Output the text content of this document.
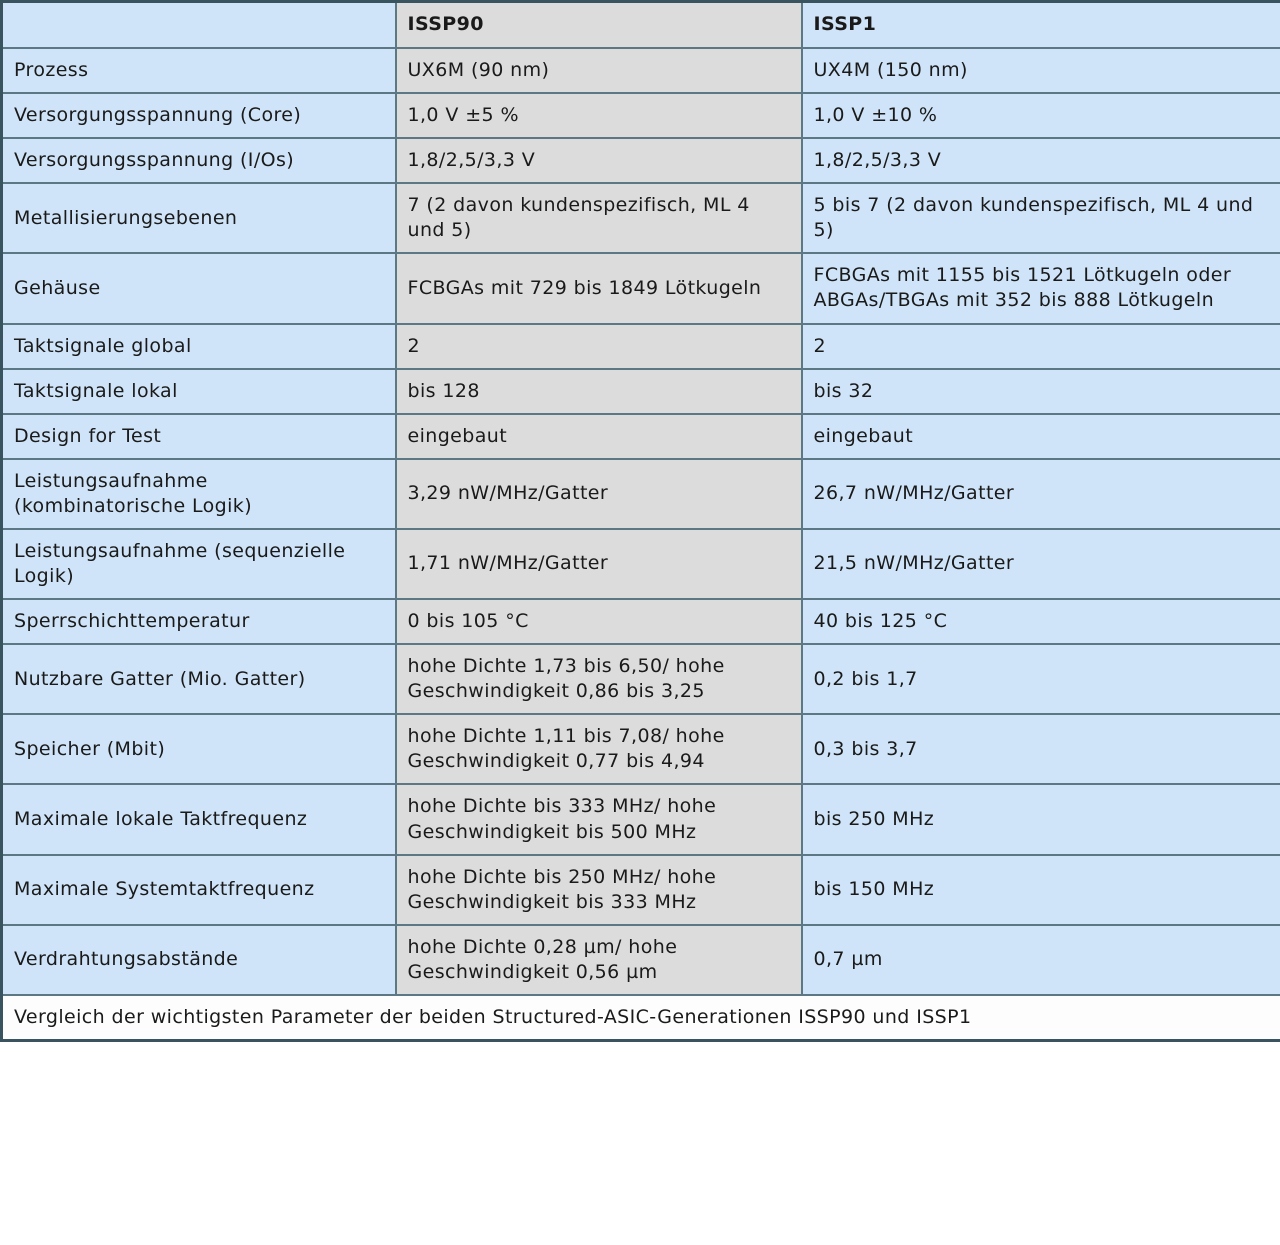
	ISSP90	ISSP1
Prozess	UX6M (90 nm)	UX4M (150 nm)
Versorgungsspannung (Core)	1,0 V ±5 %	1,0 V ±10 %
Versorgungsspannung (I/Os)	1,8/2,5/3,3 V	1,8/2,5/3,3 V
Metallisierungsebenen	7 (2 davon kundenspezifisch, ML 4 und 5)	5 bis 7 (2 davon kundenspezifisch, ML 4 und 5)
Gehäuse	FCBGAs mit 729 bis 1849 Lötkugeln	FCBGAs mit 1155 bis 1521 Lötkugeln oder ABGAs/TBGAs mit 352 bis 888 Lötkugeln
Taktsignale global	2	2
Taktsignale lokal	bis 128	bis 32
Design for Test	eingebaut	eingebaut
Leistungsaufnahme (kombinatorische Logik)	3,29 nW/MHz/Gatter	26,7 nW/MHz/Gatter
Leistungsaufnahme (sequenzielle Logik)	1,71 nW/MHz/Gatter	21,5 nW/MHz/Gatter
Sperrschichttemperatur	0 bis 105 °C	40 bis 125 °C
Nutzbare Gatter (Mio. Gatter)	hohe Dichte 1,73 bis 6,50/ hohe Geschwindigkeit 0,86 bis 3,25	0,2 bis 1,7
Speicher (Mbit)	hohe Dichte 1,11 bis 7,08/ hohe Geschwindigkeit 0,77 bis 4,94	0,3 bis 3,7
Maximale lokale Taktfrequenz	hohe Dichte bis 333 MHz/ hohe Geschwindigkeit bis 500 MHz	bis 250 MHz
Maximale Systemtaktfrequenz	hohe Dichte bis 250 MHz/ hohe Geschwindigkeit bis 333 MHz	bis 150 MHz
Verdrahtungsabstände	hohe Dichte 0,28 µm/ hohe Geschwindigkeit 0,56 µm	0,7 µm
Vergleich der wichtigsten Parameter der beiden Structured-ASIC-Generationen ISSP90 und ISSP1		
